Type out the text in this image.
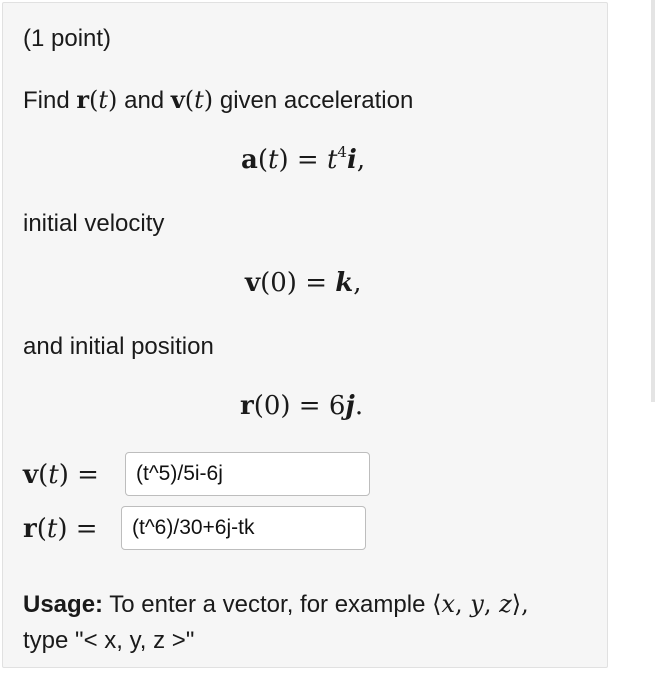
(1 point)
Find r(t) and v(t) given acceleration
$a(t) = t^4i$,
initial velocity
v(0) = k,
and initial position
r(0) = 6j.
v(t) =	(t^5)/5i-6j
r(t) =	(t^6)/30+6j-tk
Usage: To enter a vector, for example ⟨x, y, z⟩,
type "< x, y, z >"
